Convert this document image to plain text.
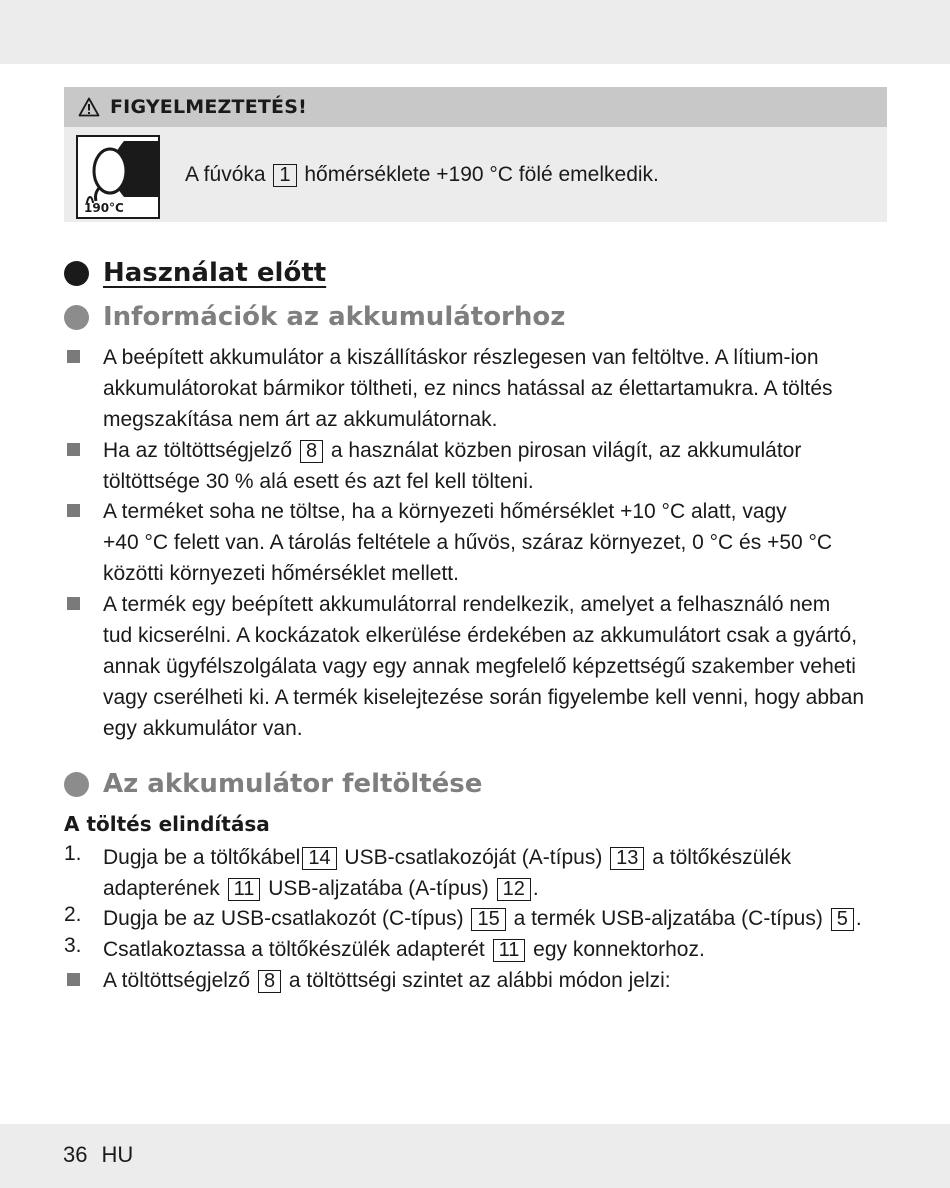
FIGYELMEZTETÉS!
190°C
A fúvóka 1 hőmérséklete +190 °C fölé emelkedik.
Használat előtt
Információk az akkumulátorhoz
A beépített akkumulátor a kiszállításkor részlegesen van feltöltve. A lítium-ion
akkumulátorokat bármikor töltheti, ez nincs hatással az élettartamukra. A töltés
megszakítása nem árt az akkumulátornak.
Ha az töltöttségjelző 8 a használat közben pirosan világít, az akkumulátor
töltöttsége 30 % alá esett és azt fel kell tölteni.
A terméket soha ne töltse, ha a környezeti hőmérséklet +10 °C alatt, vagy
+40 °C felett van. A tárolás feltétele a hűvös, száraz környezet, 0 °C és +50 °C
közötti környezeti hőmérséklet mellett.
A termék egy beépített akkumulátorral rendelkezik, amelyet a felhasználó nem
tud kicserélni. A kockázatok elkerülése érdekében az akkumulátort csak a gyártó,
annak ügyfélszolgálata vagy egy annak megfelelő képzettségű szakember veheti
vagy cserélheti ki. A termék kiselejtezése során figyelembe kell venni, hogy abban
egy akkumulátor van.
Az akkumulátor feltöltése
A töltés elindítása
1. Dugja be a töltőkábel 14 USB-csatlakozóját (A-típus) 13 a töltőkészülék
adapterének 11 USB-aljzatába (A-típus) 12 .
2. Dugja be az USB-csatlakozót (C-típus) 15 a termék USB-aljzatába (C-típus) 5 .
3. Csatlakoztassa a töltőkészülék adapterét 11 egy konnektorhoz.
A töltöttségjelző 8 a töltöttségi szintet az alábbi módon jelzi:
36 HU
